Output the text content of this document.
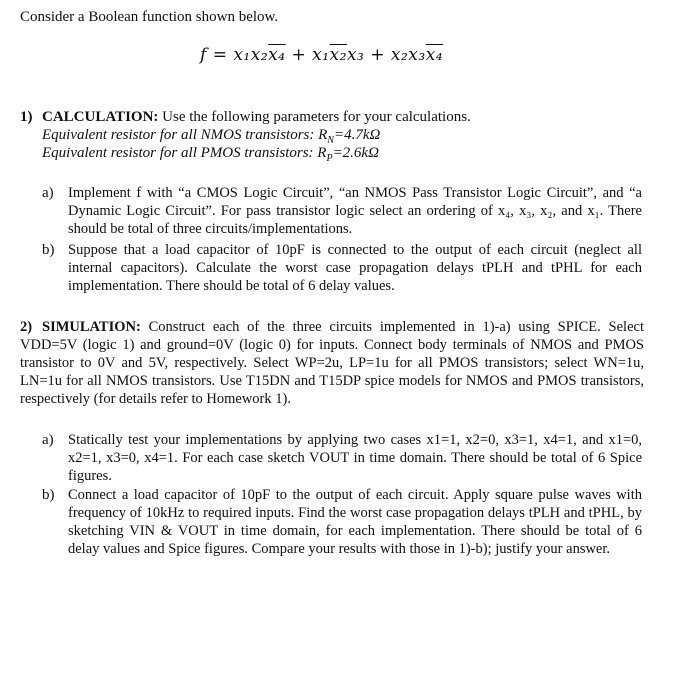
Consider a Boolean function shown below.

f = x₁x₂x₄ + x₁x₂x₃ + x₂x₃x₄
1) CALCULATION: Use the following parameters for your calculations.
Equivalent resistor for all NMOS transistors: $R_N=4.7k\Omega$
Equivalent resistor for all PMOS transistors: $R_P=2.6k\Omega$
a) Implement f with “a CMOS Logic Circuit”, “an NMOS Pass Transistor Logic Circuit”, and “a Dynamic Logic Circuit”. For pass transistor logic select an ordering of x₄, x₃, x₂, and x₁. There should be total of three circuits/implementations.
b) Suppose that a load capacitor of 10pF is connected to the output of each circuit (neglect all internal capacitors). Calculate the worst case propagation delays tPLH and tPHL for each implementation. There should be total of 6 delay values.
2) SIMULATION: Construct each of the three circuits implemented in 1)-a) using SPICE. Select VDD=5V (logic 1) and ground=0V (logic 0) for inputs. Connect body terminals of NMOS and PMOS transistor to 0V and 5V, respectively. Select WP=2u, LP=1u for all PMOS transistors; select WN=1u, LN=1u for all NMOS transistors. Use T15DN and T15DP spice models for NMOS and PMOS transistors, respectively (for details refer to Homework 1).
a) Statically test your implementations by applying two cases x1=1, x2=0, x3=1, x4=1, and x1=0, x2=1, x3=0, x4=1. For each case sketch VOUT in time domain. There should be total of 6 Spice figures.
b) Connect a load capacitor of 10pF to the output of each circuit. Apply square pulse waves with frequency of 10kHz to required inputs. Find the worst case propagation delays tPLH and tPHL, by sketching VIN & VOUT in time domain, for each implementation. There should be total of 6 delay values and Spice figures. Compare your results with those in 1)-b); justify your answer.
